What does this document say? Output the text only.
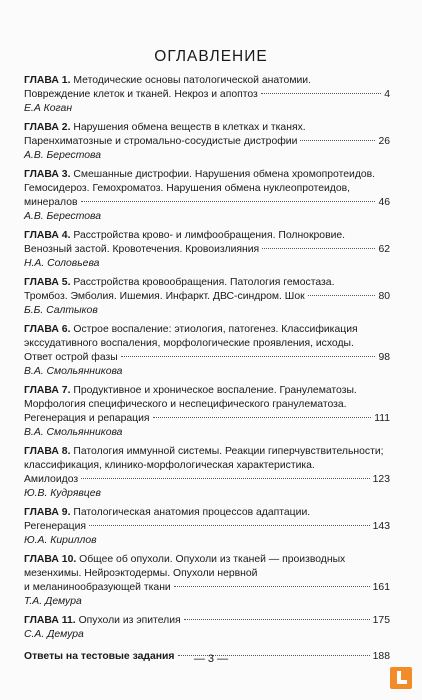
ОГЛАВЛЕНИЕ
ГЛАВА 1. Методические основы патологической анатомии.
Повреждение клеток и тканей. Некроз и апоптоз	4
Е.А Коган
ГЛАВА 2. Нарушения обмена веществ в клетках и тканях.
Паренхиматозные и стромально-сосудистые дистрофии	26
А.В. Берестова
ГЛАВА 3. Смешанные дистрофии. Нарушения обмена хромопротеидов.
Гемосидероз. Гемохроматоз. Нарушения обмена нуклеопротеидов,
минералов	46
А.В. Берестова
ГЛАВА 4. Расстройства крово- и лимфообращения. Полнокровие.
Венозный застой. Кровотечения. Кровоизлияния	62
Н.А. Соловьева
ГЛАВА 5. Расстройства кровообращения. Патология гемостаза.
Тромбоз. Эмболия. Ишемия. Инфаркт. ДВС-синдром. Шок	80
Б.Б. Салтыков
ГЛАВА 6. Острое воспаление: этиология, патогенез. Классификация
экссудативного воспаления, морфологические проявления, исходы.
Ответ острой фазы	98
В.А. Смольянникова
ГЛАВА 7. Продуктивное и хроническое воспаление. Гранулематозы.
Морфология специфического и неспецифического гранулематоза.
Регенерация и репарация	111
В.А. Смольянникова
ГЛАВА 8. Патология иммунной системы. Реакции гиперчувствительности;
классификация, клинико-морфологическая характеристика.
Амилоидоз	123
Ю.В. Кудрявцев
ГЛАВА 9. Патологическая анатомия процессов адаптации.
Регенерация	143
Ю.А. Кириллов
ГЛАВА 10. Общее об опухоли. Опухоли из тканей — производных
мезенхимы. Нейроэктодермы. Опухоли нервной
и меланинообразующей ткани	161
Т.А. Демура
ГЛАВА 11. Опухоли из эпителия	175
С.А. Демура
Ответы на тестовые задания	188
— 3 —
